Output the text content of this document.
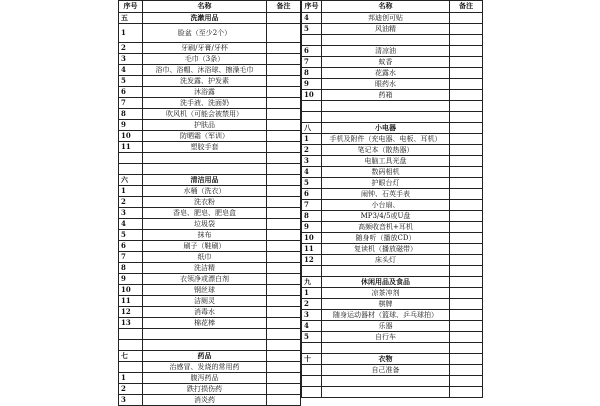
序号	名称	备注
五	洗漱用品	
1	脸盆（至少2个）	
2	牙刷/牙膏/牙杯	
3	毛巾（3条）	
4	浴巾、浴帽、沐浴球、擦澡毛巾	
5	洗发露、护发素	
6	沐浴露	
7	洗手液、洗面奶	
8	吹风机（可能会被禁用）	
9	护肤品	
10	防晒霜（军训）	
11	塑胶手套	

六	清洁用品	
1	水桶（洗衣）	
2	洗衣粉	
3	香皂、肥皂、肥皂盒	
4	垃圾袋	
5	抹布	
6	刷子（鞋刷）	
7	纸巾	
8	洗洁精	
9	衣领净或漂白剂	
10	钢丝球	
11	洁厕灵	
12	消毒水	
13	棉花棒	

七	药品	
	治感冒、发烧的常用药	
1	腹泻药品	
2	跌打损伤药	
3	消炎药	
序号	名称	备注
4	邦迪创可贴	
5	风油精	

6	清凉油	
7	蚊香	
8	花露水	
9	眼药水	
10	药箱	

八	小电器	
1	手机及附件（充电器、电板、耳机）	
2	笔记本（散热器）	
3	电脑工具光盘	
4	数码相机	
5	护眼台灯	
6	闹钟、石英手表	
7	小台扇、	
8	MP3/4/5或U盘	
9	高频收音机+耳机	
10	随身听（播放CD）	
11	复读机（播放磁带）	
12	床头灯	

九	休闲用品及食品	
1	凉茶冲剂	
2	棋牌	
3	随身运动器材（篮球、乒乓球拍）	
4	乐器	
5	自行车	

十	衣物	
	自己准备	
